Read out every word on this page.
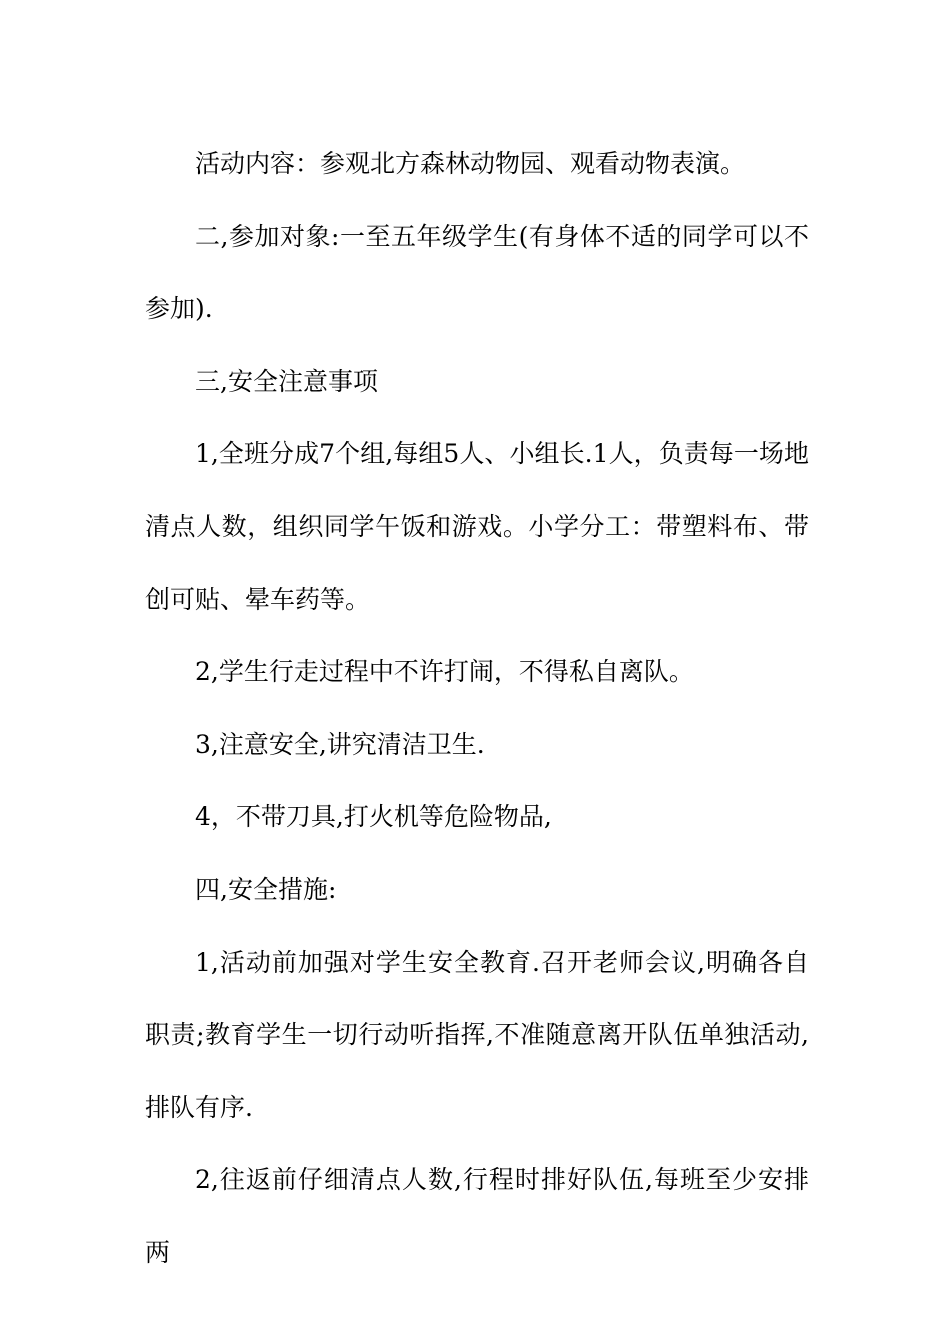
活动内容：参观北方森林动物园、观看动物表演。

二,参加对象:一至五年级学生(有身体不适的同学可以不参加).

三,安全注意事项

1,全班分成7个组,每组5人、小组长.1人，负责每一场地清点人数，组织同学午饭和游戏。小学分工：带塑料布、带创可贴、晕车药等。

2,学生行走过程中不许打闹，不得私自离队。

3,注意安全,讲究清洁卫生.

4，不带刀具,打火机等危险物品,

四,安全措施:

1,活动前加强对学生安全教育.召开老师会议,明确各自职责;教育学生一切行动听指挥,不准随意离开队伍单独活动,排队有序.

2,往返前仔细清点人数,行程时排好队伍,每班至少安排两
